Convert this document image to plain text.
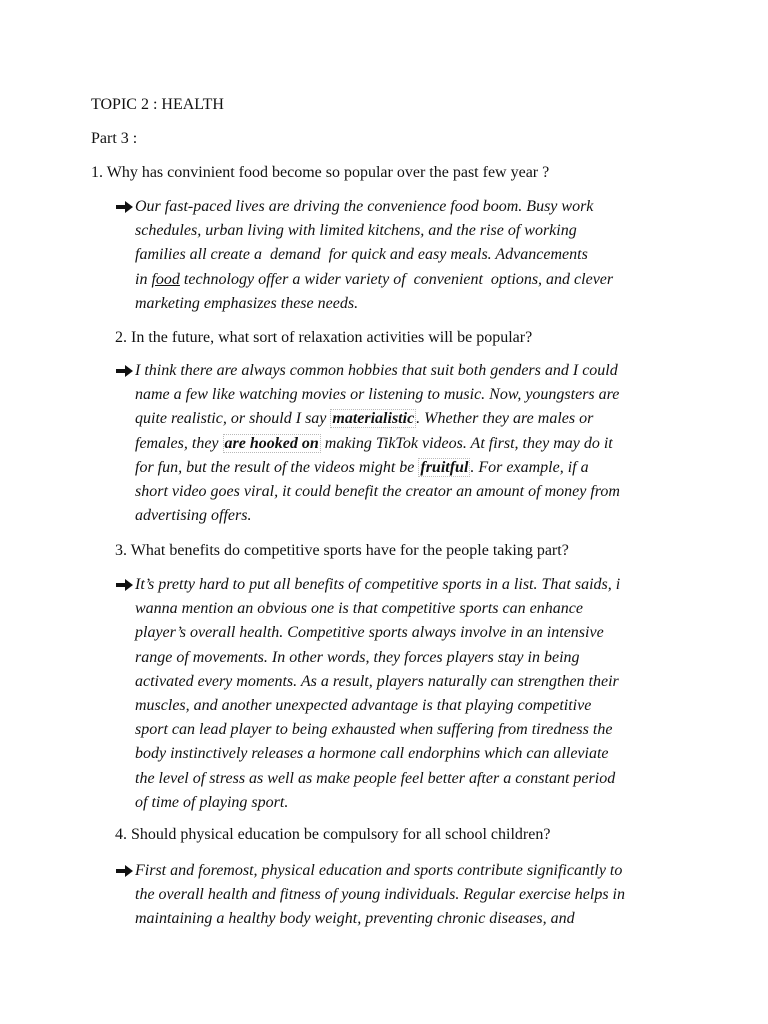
TOPIC 2 : HEALTH
Part 3 :
1. Why has convinient food become so popular over the past few year ?
Our fast-paced lives are driving the convenience food boom. Busy work
schedules, urban living with limited kitchens, and the rise of working
families all create a  demand  for quick and easy meals. Advancements
in food technology offer a wider variety of  convenient  options, and clever
marketing emphasizes these needs.
2. In the future, what sort of relaxation activities will be popular?
I think there are always common hobbies that suit both genders and I could
name a few like watching movies or listening to music. Now, youngsters are
quite realistic, or should I say materialistic . Whether they are males or
females, they are hooked on making TikTok videos. At first, they may do it
for fun, but the result of the videos might be fruitful . For example, if a
short video goes viral, it could benefit the creator an amount of money from
advertising offers.
3. What benefits do competitive sports have for the people taking part?
It’s pretty hard to put all benefits of competitive sports in a list. That saids, i
wanna mention an obvious one is that competitive sports can enhance
player’s overall health. Competitive sports always involve in an intensive
range of movements. In other words, they forces players stay in being
activated every moments. As a result, players naturally can strengthen their
muscles, and another unexpected advantage is that playing competitive
sport can lead player to being exhausted when suffering from tiredness the
body instinctively releases a hormone call endorphins which can alleviate
the level of stress as well as make people feel better after a constant period
of time of playing sport.
4. Should physical education be compulsory for all school children?
First and foremost, physical education and sports contribute significantly to
the overall health and fitness of young individuals. Regular exercise helps in
maintaining a healthy body weight, preventing chronic diseases, and
